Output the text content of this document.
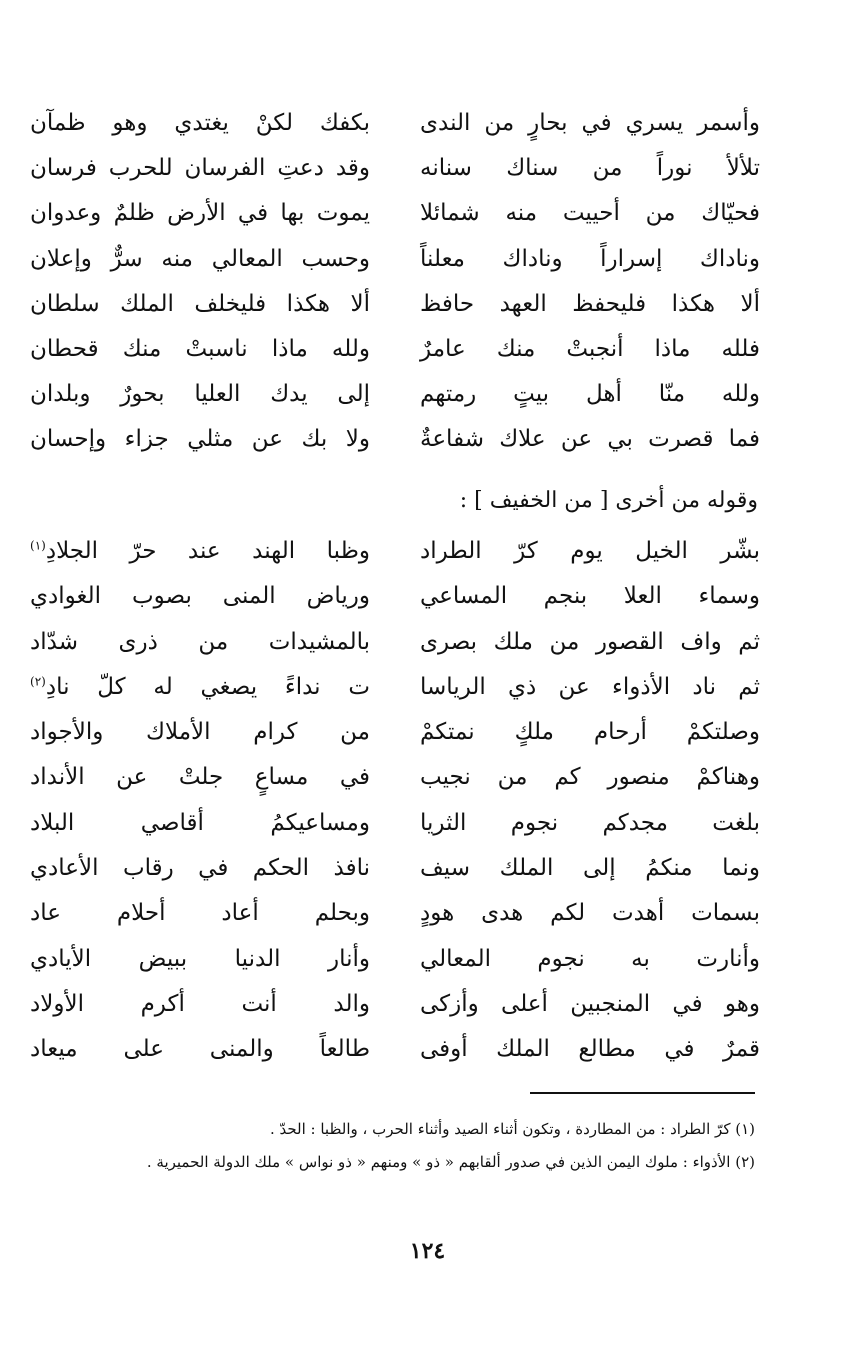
وأسمر يسري في بحارٍ من الندى
بكفك لكنْ يغتدي وهو ظمآن
تلألأ نوراً من سناك سنانه
وقد دعتِ الفرسان للحرب فرسان
فحيّاك من أحييت منه شمائلا
يموت بها في الأرض ظلمٌ وعدوان
وناداك إسراراً وناداك معلناً
وحسب المعالي منه سرٌّ وإعلان
ألا هكذا فليحفظ العهد حافظ
ألا هكذا فليخلف الملك سلطان
فلله ماذا أنجبتْ منك عامرٌ
ولله ماذا ناسبتْ منك قحطان
ولله منّا أهل بيتٍ رمتهم
إلى يدك العليا بحورٌ وبلدان
فما قصرت بي عن علاك شفاعةٌ
ولا بك عن مثلي جزاء وإحسان
وقوله من أخرى [ من الخفيف ] :
بشّر الخيل يوم كرّ الطراد
وظبا الهند عند حرّ الجلادِ$^{(١)}$
وسماء العلا بنجم المساعي
ورياض المنى بصوب الغوادي
ثم واف القصور من ملك بصرى
بالمشيدات من ذرى شدّاد
ثم ناد الأذواء عن ذي الرياسا
ت نداءً يصغي له كلّ نادِ$^{(٢)}$
وصلتكمْ أرحام ملكٍ نمتكمْ
من كرام الأملاك والأجواد
وهناكمْ منصور كم من نجيب
في مساعٍ جلتْ عن الأنداد
بلغت مجدكم نجوم الثريا
ومساعيكمُ أقاصي البلاد
ونما منكمُ إلى الملك سيف
نافذ الحكم في رقاب الأعادي
بسمات أهدت لكم هدى هودٍ
وبحلم أعاد أحلام عاد
وأنارت به نجوم المعالي
وأنار الدنيا ببيض الأيادي
وهو في المنجبين أعلى وأزكى
والد أنت أكرم الأولاد
قمرٌ في مطالع الملك أوفى
طالعاً والمنى على ميعاد
(١) كرّ الطراد : من المطاردة ، وتكون أثناء الصيد وأثناء الحرب ، والظبا : الحدّ .
(٢) الأذواء : ملوك اليمن الذين في صدور ألقابهم « ذو » ومنهم « ذو نواس » ملك الدولة الحميرية .
١٢٤
